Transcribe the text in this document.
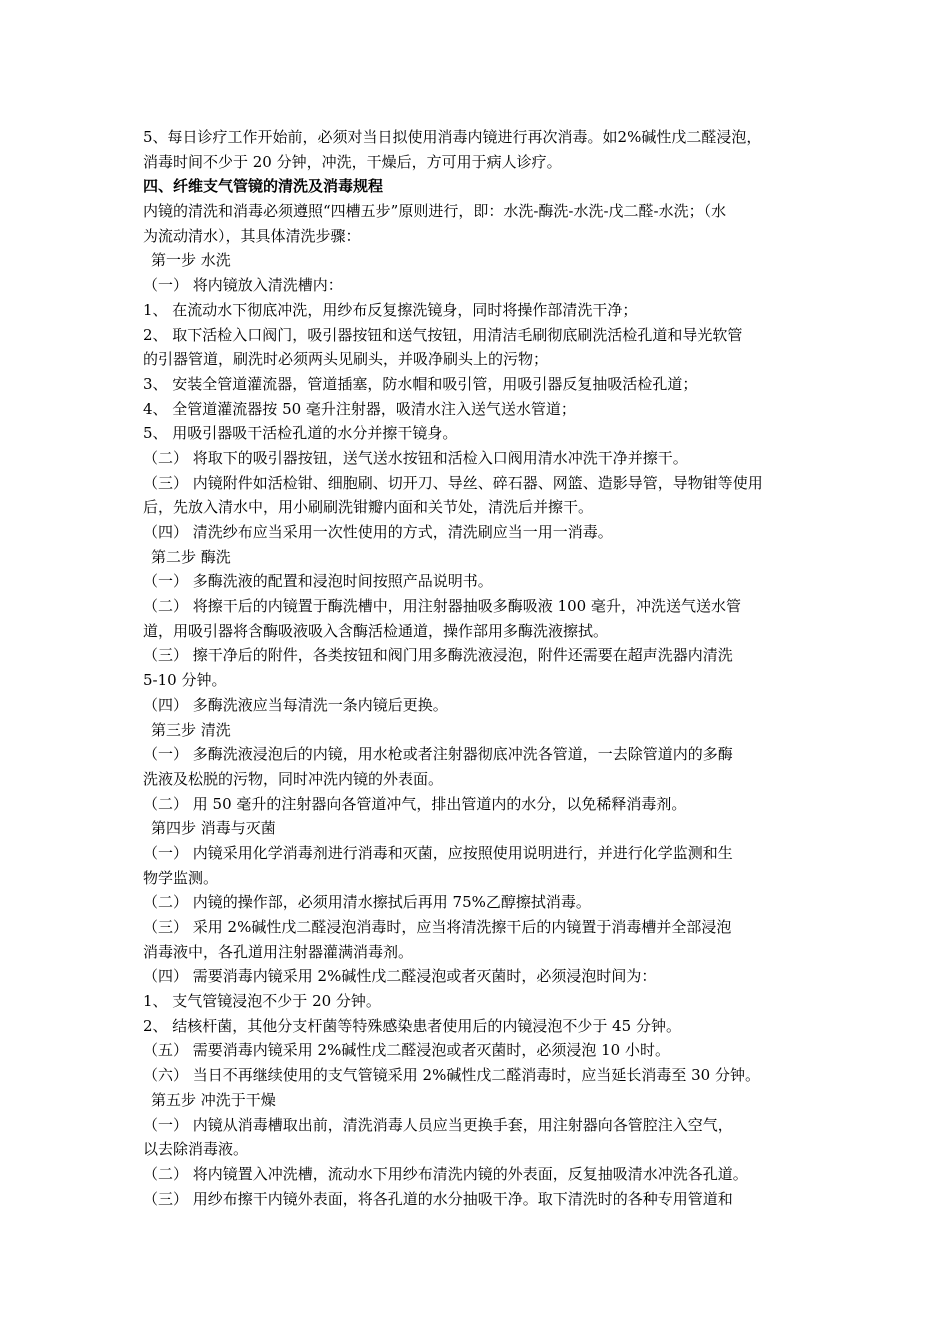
5、每日诊疗工作开始前，必须对当日拟使用消毒内镜进行再次消毒。如2%碱性戊二醛浸泡，
消毒时间不少于 20 分钟，冲洗，干燥后，方可用于病人诊疗。
四、纤维支气管镜的清洗及消毒规程
内镜的清洗和消毒必须遵照“四槽五步”原则进行，即：水洗-酶洗-水洗-戊二醛-水洗；（水
为流动清水），其具体清洗步骤：
第一步 水洗
（一） 将内镜放入清洗槽内：
1、 在流动水下彻底冲洗，用纱布反复擦洗镜身，同时将操作部清洗干净；
2、 取下活检入口阀门，吸引器按钮和送气按钮，用清洁毛刷彻底刷洗活检孔道和导光软管
的引器管道，刷洗时必须两头见刷头，并吸净刷头上的污物；
3、 安装全管道灌流器，管道插塞，防水帽和吸引管，用吸引器反复抽吸活检孔道；
4、 全管道灌流器按 50 毫升注射器，吸清水注入送气送水管道；
5、 用吸引器吸干活检孔道的水分并擦干镜身。
（二） 将取下的吸引器按钮，送气送水按钮和活检入口阀用清水冲洗干净并擦干。
（三） 内镜附件如活检钳、细胞刷、切开刀、导丝、碎石器、网篮、造影导管，导物钳等使用
后，先放入清水中，用小刷刷洗钳瓣内面和关节处，清洗后并擦干。
（四） 清洗纱布应当采用一次性使用的方式，清洗刷应当一用一消毒。
第二步 酶洗
（一） 多酶洗液的配置和浸泡时间按照产品说明书。
（二） 将擦干后的内镜置于酶洗槽中，用注射器抽吸多酶吸液 100 毫升，冲洗送气送水管
道，用吸引器将含酶吸液吸入含酶活检通道，操作部用多酶洗液擦拭。
（三） 擦干净后的附件，各类按钮和阀门用多酶洗液浸泡，附件还需要在超声洗器内清洗
5-10 分钟。
（四） 多酶洗液应当每清洗一条内镜后更换。
第三步 清洗
（一） 多酶洗液浸泡后的内镜，用水枪或者注射器彻底冲洗各管道，一去除管道内的多酶
洗液及松脱的污物，同时冲洗内镜的外表面。
（二） 用 50 毫升的注射器向各管道冲气，排出管道内的水分，以免稀释消毒剂。
第四步 消毒与灭菌
（一） 内镜采用化学消毒剂进行消毒和灭菌，应按照使用说明进行，并进行化学监测和生
物学监测。
（二） 内镜的操作部，必须用清水擦拭后再用 75%乙醇擦拭消毒。
（三） 采用 2%碱性戊二醛浸泡消毒时，应当将清洗擦干后的内镜置于消毒槽并全部浸泡
消毒液中，各孔道用注射器灌满消毒剂。
（四） 需要消毒内镜采用 2%碱性戊二醛浸泡或者灭菌时，必须浸泡时间为：
1、 支气管镜浸泡不少于 20 分钟。
2、 结核杆菌，其他分支杆菌等特殊感染患者使用后的内镜浸泡不少于 45 分钟。
（五） 需要消毒内镜采用 2%碱性戊二醛浸泡或者灭菌时，必须浸泡 10 小时。
（六） 当日不再继续使用的支气管镜采用 2%碱性戊二醛消毒时，应当延长消毒至 30 分钟。
第五步 冲洗于干燥
（一） 内镜从消毒槽取出前，清洗消毒人员应当更换手套，用注射器向各管腔注入空气，
以去除消毒液。
（二） 将内镜置入冲洗槽，流动水下用纱布清洗内镜的外表面，反复抽吸清水冲洗各孔道。
（三） 用纱布擦干内镜外表面，将各孔道的水分抽吸干净。取下清洗时的各种专用管道和
